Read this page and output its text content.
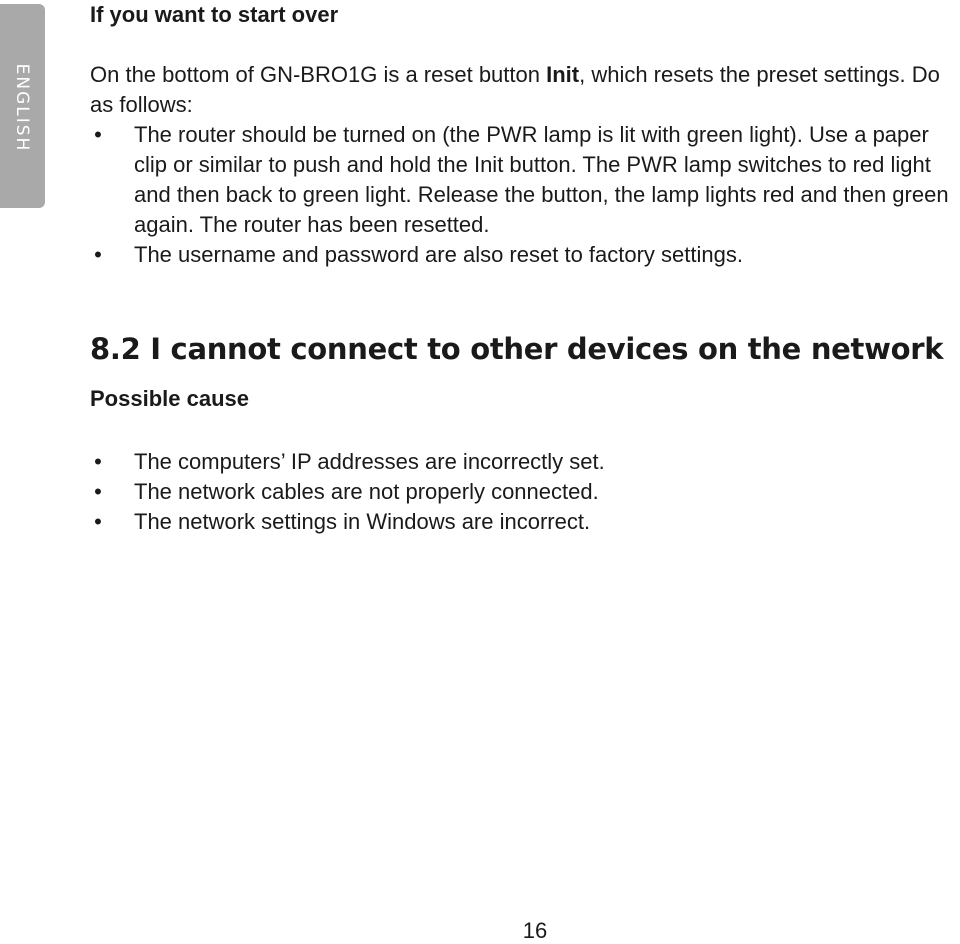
ENGLISH
If you want to start over

On the bottom of GN-BRO1G is a reset button Init, which resets the preset settings. Do as follows:

• The router should be turned on (the PWR lamp is lit with green light). Use a paper clip or similar to push and hold the Init button. The PWR lamp switches to red light and then back to green light. Release the button, the lamp lights red and then green again. The router has been resetted.
• The username and password are also reset to factory settings.
8.2 I cannot connect to other devices on the network
Possible cause
• The computers’ IP addresses are incorrectly set.
• The network cables are not properly connected.
• The network settings in Windows are incorrect.
16
